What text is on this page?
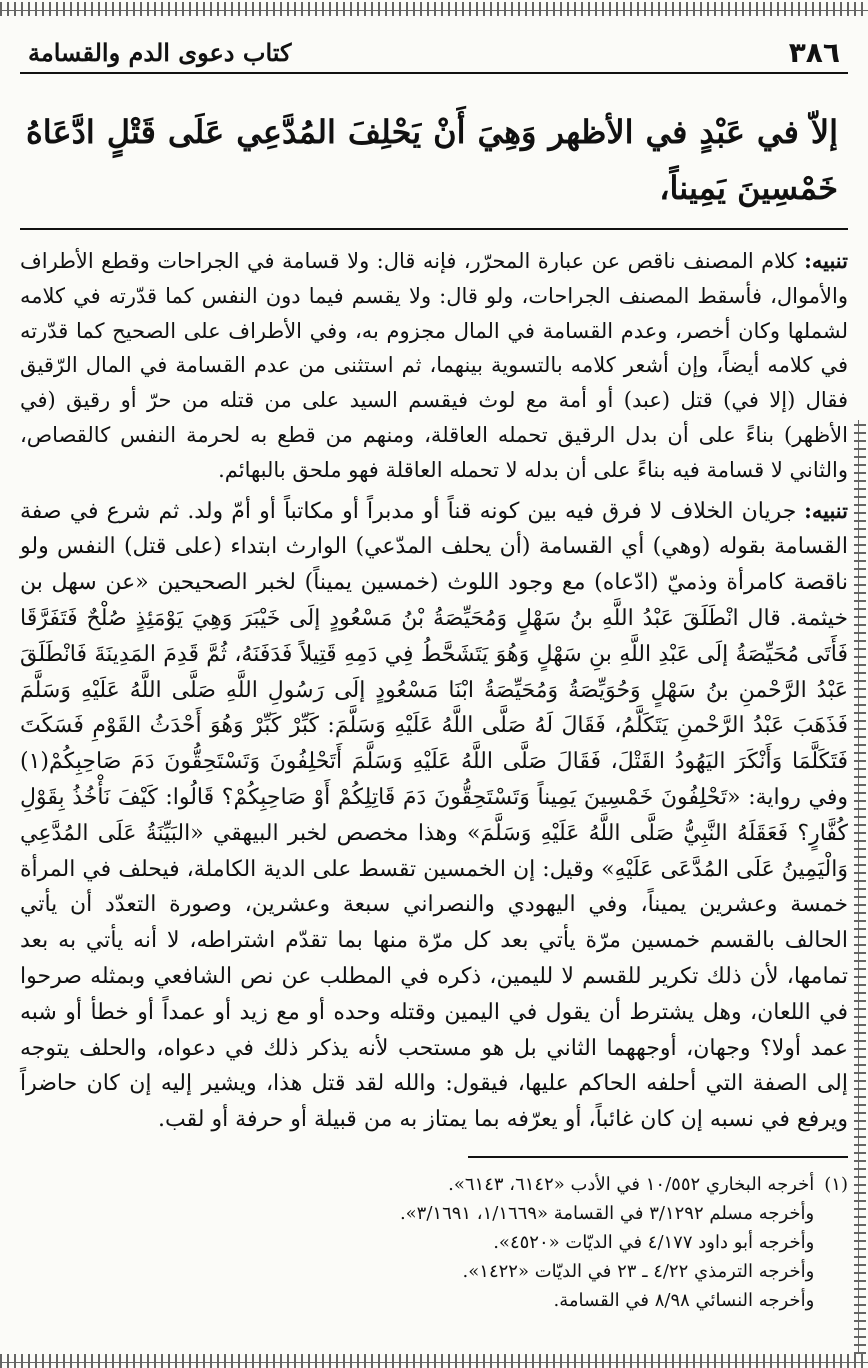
٣٨٦
كتاب دعوى الدم والقسامة
إلاّ في عَبْدٍ في الأظهر وَهِيَ أَنْ يَحْلِفَ المُدَّعِي عَلَى قَتْلٍ ادَّعَاهُ خَمْسِينَ يَمِيناً،

تنبيه: كلام المصنف ناقص عن عبارة المحرّر، فإنه قال: ولا قسامة في الجراحات وقطع الأطراف والأموال، فأسقط المصنف الجراحات، ولو قال: ولا يقسم فيما دون النفس كما قدّرته في كلامه لشملها وكان أخصر، وعدم القسامة في المال مجزوم به، وفي الأطراف على الصحيح كما قدّرته في كلامه أيضاً، وإن أشعر كلامه بالتسوية بينهما، ثم استثنى من عدم القسامة في المال الرّقيق فقال (إلا في) قتل (عبد) أو أمة مع لوث فيقسم السيد على من قتله من حرّ أو رقيق (في الأظهر) بناءً على أن بدل الرقيق تحمله العاقلة، ومنهم من قطع به لحرمة النفس كالقصاص، والثاني لا قسامة فيه بناءً على أن بدله لا تحمله العاقلة فهو ملحق بالبهائم.

تنبيه: جريان الخلاف لا فرق فيه بين كونه قناً أو مدبراً أو مكاتباً أو أمّ ولد. ثم شرع في صفة القسامة بقوله (وهي) أي القسامة (أن يحلف المدّعي) الوارث ابتداء (على قتل) النفس ولو ناقصة كامرأة وذميّ (ادّعاه) مع وجود اللوث (خمسين يميناً) لخبر الصحيحين «عن سهل بن خيثمة. قال انْطَلَقَ عَبْدُ اللَّهِ بنُ سَهْلٍ وَمُحَيِّصَةُ بْنُ مَسْعُودٍ إلَى خَيْبَرَ وَهِيَ يَوْمَئِذٍ صُلْحٌ فَتَفَرَّقَا فَأَتَى مُحَيِّصَةُ إلَى عَبْدِ اللَّهِ بنِ سَهْلٍ وَهُوَ يَتَشَحَّطُ فِي دَمِهِ قَتِيلاً فَدَفَنَهُ، ثُمَّ قَدِمَ المَدِينَةَ فَانْطَلَقَ عَبْدُ الرَّحْمنِ بنُ سَهْلٍ وَحُوَيِّصَةُ وَمُحَيِّصَةُ ابْنَا مَسْعُودٍ إلَى رَسُولِ اللَّهِ صَلَّى اللَّهُ عَلَيْهِ وَسَلَّمَ فَذَهَبَ عَبْدُ الرَّحْمنِ يَتَكَلَّمُ، فَقَالَ لَهُ صَلَّى اللَّهُ عَلَيْهِ وَسَلَّمَ: كَبِّرْ كَبِّرْ وَهُوَ أَحْدَثُ القَوْمِ فَسَكَتَ فَتَكَلَّمَا وَأَنْكَرَ اليَهُودُ القَتْلَ، فَقَالَ صَلَّى اللَّهُ عَلَيْهِ وَسَلَّمَ أَتَحْلِفُونَ وَتَسْتَحِقُّونَ دَمَ صَاحِبِكُمْ(١) وفي رواية: «تَحْلِفُونَ خَمْسِينَ يَمِيناً وَتَسْتَحِقُّونَ دَمَ قَاتِلِكُمْ أَوْ صَاحِبِكُمْ؟ قَالُوا: كَيْفَ نَأْخُذُ بِقَوْلِ كُفَّارٍ؟ فَعَقَلَهُ النَّبِيُّ صَلَّى اللَّهُ عَلَيْهِ وَسَلَّمَ» وهذا مخصص لخبر البيهقي «البَيِّنَةُ عَلَى المُدَّعِي وَالْيَمِينُ عَلَى المُدَّعَى عَلَيْهِ» وقيل: إن الخمسين تقسط على الدية الكاملة، فيحلف في المرأة خمسة وعشرين يميناً، وفي اليهودي والنصراني سبعة وعشرين، وصورة التعدّد أن يأتي الحالف بالقسم خمسين مرّة يأتي بعد كل مرّة منها بما تقدّم اشتراطه، لا أنه يأتي به بعد تمامها، لأن ذلك تكرير للقسم لا لليمين، ذكره في المطلب عن نص الشافعي وبمثله صرحوا في اللعان، وهل يشترط أن يقول في اليمين وقتله وحده أو مع زيد أو عمداً أو خطأ أو شبه عمد أولا؟ وجهان، أوجههما الثاني بل هو مستحب لأنه يذكر ذلك في دعواه، والحلف يتوجه إلى الصفة التي أحلفه الحاكم عليها، فيقول: والله لقد قتل هذا، ويشير إليه إن كان حاضراً ويرفع في نسبه إن كان غائباً، أو يعرّفه بما يمتاز به من قبيلة أو حرفة أو لقب.

(١) أخرجه البخاري ١٠/٥٥٢ في الأدب «٦١٤٢، ٦١٤٣».
وأخرجه مسلم ٣/١٢٩٢ في القسامة «١/١٦٦٩، ٣/١٦٩١».
وأخرجه أبو داود ٤/١٧٧ في الديّات «٤٥٢٠».
وأخرجه الترمذي ٤/٢٢ ـ ٢٣ في الديّات «١٤٢٢».
وأخرجه النسائي ٨/٩٨ في القسامة.
